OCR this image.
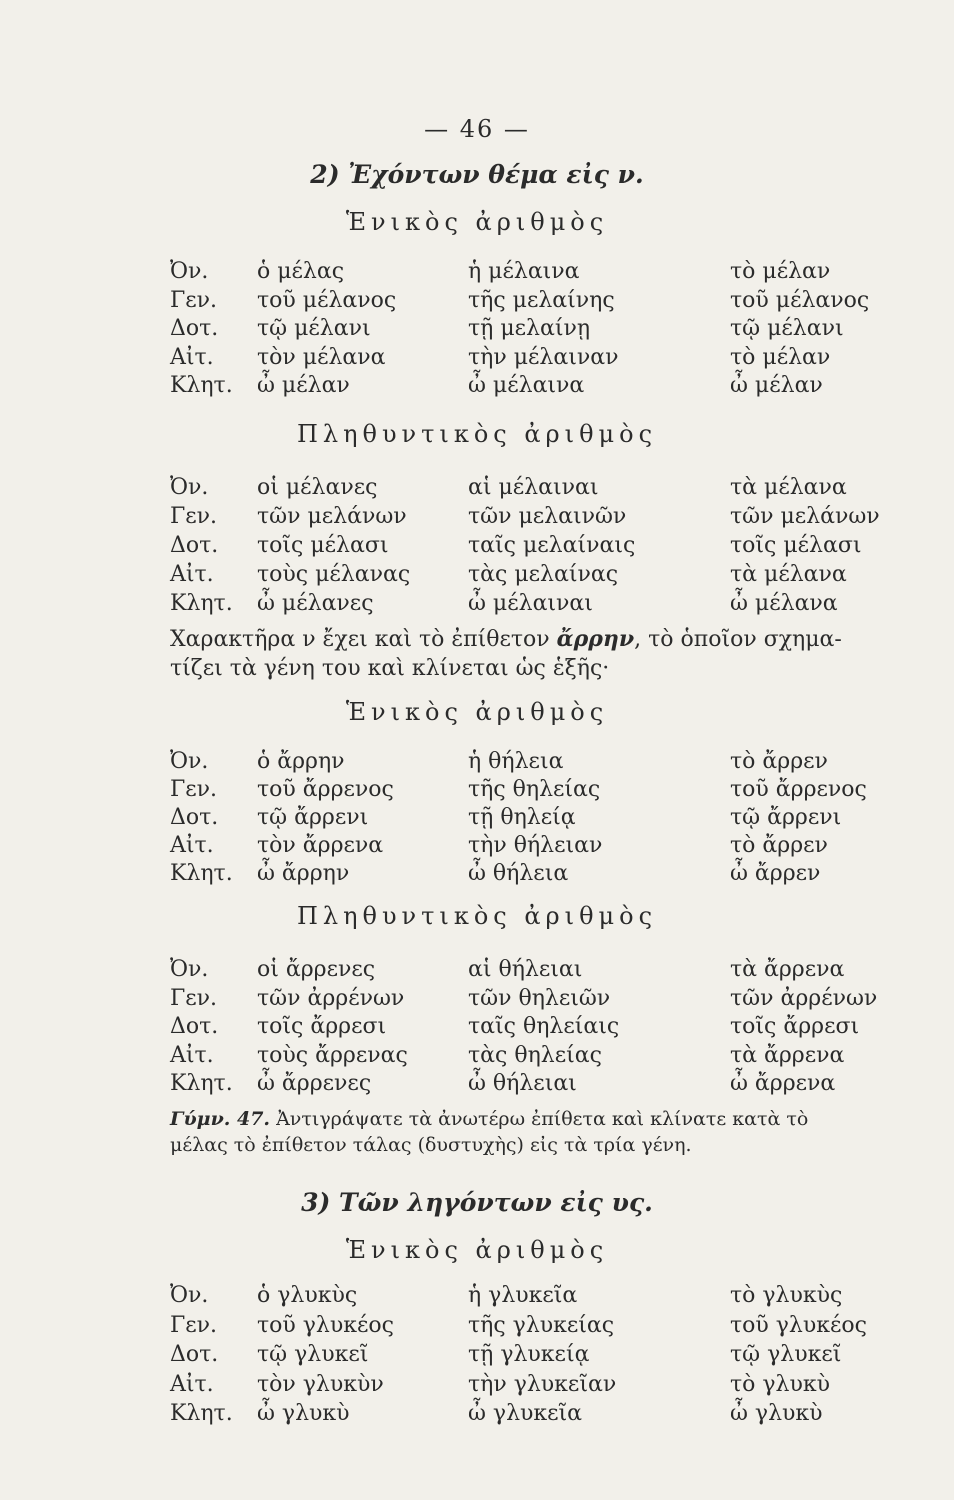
— 46 —
2) Ἐχόντων θέμα εἰς ν.
Ἑνικὸς ἀριθμὸς
Ὀν. ὁ μέλας	ἡ μέλαινα	τὸ μέλαν
Γεν. τοῦ μέλανος	τῆς μελαίνης	τοῦ μέλανος
Δοτ. τῷ μέλανι	τῇ μελαίνῃ	τῷ μέλανι
Αἰτ. τὸν μέλανα	τὴν μέλαιναν	τὸ μέλαν
Κλητ. ὦ μέλαν	ὦ μέλαινα	ὦ μέλαν
Πληθυντικὸς ἀριθμὸς
Ὀν. οἱ μέλανες	αἱ μέλαιναι	τὰ μέλανα
Γεν. τῶν μελάνων	τῶν μελαινῶν	τῶν μελάνων
Δοτ. τοῖς μέλασι	ταῖς μελαίναις	τοῖς μέλασι
Αἰτ. τοὺς μέλανας	τὰς μελαίνας	τὰ μέλανα
Κλητ. ὦ μέλανες	ὦ μέλαιναι	ὦ μέλανα
Χαρακτῆρα ν ἔχει καὶ τὸ ἐπίθετον ἄρρην, τὸ ὁποῖον σχημα-
τίζει τὰ γένη του καὶ κλίνεται ὡς ἑξῆς·
Ἑνικὸς ἀριθμὸς
Ὀν. ὁ ἄρρην	ἡ θήλεια	τὸ ἄρρεν
Γεν. τοῦ ἄρρενος	τῆς θηλείας	τοῦ ἄρρενος
Δοτ. τῷ ἄρρενι	τῇ θηλείᾳ	τῷ ἄρρενι
Αἰτ. τὸν ἄρρενα	τὴν θήλειαν	τὸ ἄρρεν
Κλητ. ὦ ἄρρην	ὦ θήλεια	ὦ ἄρρεν
Πληθυντικὸς ἀριθμὸς
Ὀν. οἱ ἄρρενες	αἱ θήλειαι	τὰ ἄρρενα
Γεν. τῶν ἀρρένων	τῶν θηλειῶν	τῶν ἀρρένων
Δοτ. τοῖς ἄρρεσι	ταῖς θηλείαις	τοῖς ἄρρεσι
Αἰτ. τοὺς ἄρρενας	τὰς θηλείας	τὰ ἄρρενα
Κλητ. ὦ ἄρρενες	ὦ θήλειαι	ὦ ἄρρενα
Γύμν. 47. Ἀντιγράψατε τὰ ἀνωτέρω ἐπίθετα καὶ κλίνατε κατὰ τὸ
μέλας τὸ ἐπίθετον τάλας (δυστυχὴς) εἰς τὰ τρία γένη.
3) Τῶν ληγόντων εἰς υς.
Ἑνικὸς ἀριθμὸς
Ὀν. ὁ γλυκὺς	ἡ γλυκεῖα	τὸ γλυκὺς
Γεν. τοῦ γλυκέος	τῆς γλυκείας	τοῦ γλυκέος
Δοτ. τῷ γλυκεῖ	τῇ γλυκείᾳ	τῷ γλυκεῖ
Αἰτ. τὸν γλυκὺν	τὴν γλυκεῖαν	τὸ γλυκὺ
Κλητ. ὦ γλυκὺ	ὦ γλυκεῖα	ὦ γλυκὺ
